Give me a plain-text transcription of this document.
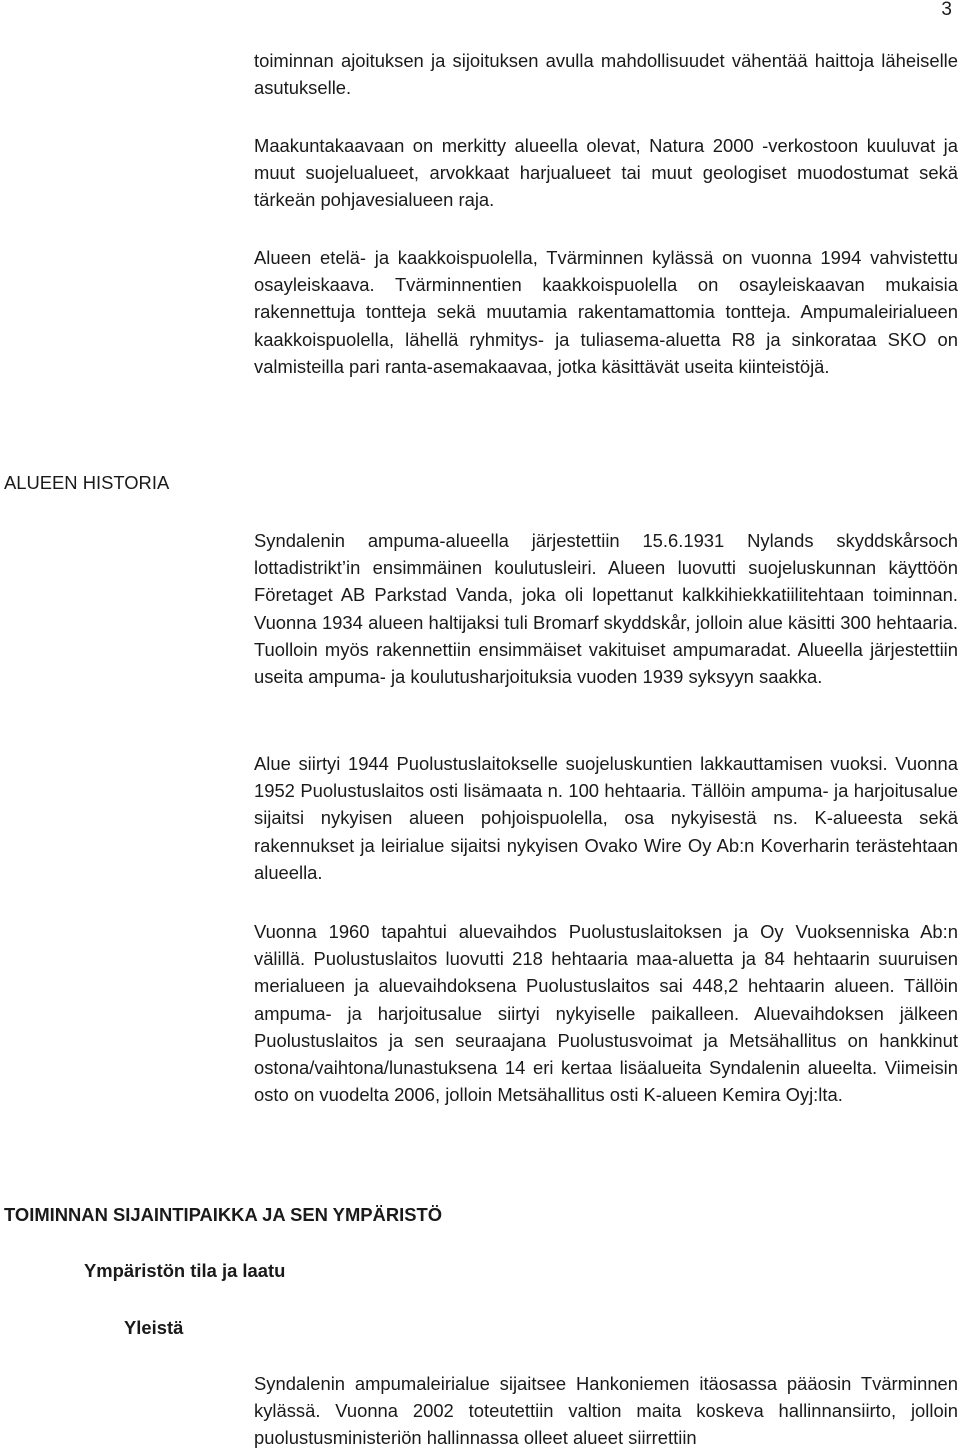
3

toiminnan ajoituksen ja sijoituksen avulla mahdollisuudet vähentää haittoja läheiselle asutukselle.

Maakuntakaavaan on merkitty alueella olevat, Natura 2000 -verkostoon kuuluvat ja muut suojelualueet, arvokkaat harjualueet tai muut geologiset muodostumat sekä tärkeän pohjavesialueen raja.

Alueen etelä- ja kaakkoispuolella, Tvärminnen kylässä on vuonna 1994 vahvistettu osayleiskaava. Tvärminnentien kaakkoispuolella on osayleiskaavan mukaisia rakennettuja tontteja sekä muutamia rakentamattomia tontteja. Ampumaleirialueen kaakkoispuolella, lähellä ryhmitys- ja tuliasema-aluetta R8 ja sinkorataa SKO on valmisteilla pari ranta-asemakaavaa, jotka käsittävät useita kiinteistöjä.

ALUEEN HISTORIA

Syndalenin ampuma-alueella järjestettiin 15.6.1931 Nylands skyddskårsoch lottadistrikt’in ensimmäinen koulutusleiri. Alueen luovutti suojeluskunnan käyttöön Företaget AB Parkstad Vanda, joka oli lopettanut kalkkihiekkatiilitehtaan toiminnan. Vuonna 1934 alueen haltijaksi tuli Bromarf skyddskår, jolloin alue käsitti 300 hehtaaria. Tuolloin myös rakennettiin ensimmäiset vakituiset ampumaradat. Alueella järjestettiin useita ampuma- ja koulutusharjoituksia vuoden 1939 syksyyn saakka.

Alue siirtyi 1944 Puolustuslaitokselle suojeluskuntien lakkauttamisen vuoksi. Vuonna 1952 Puolustuslaitos osti lisämaata n. 100 hehtaaria. Tällöin ampuma- ja harjoitusalue sijaitsi nykyisen alueen pohjoispuolella, osa nykyisestä ns. K-alueesta sekä rakennukset ja leirialue sijaitsi nykyisen Ovako Wire Oy Ab:n Koverharin terästehtaan alueella.

Vuonna 1960 tapahtui aluevaihdos Puolustuslaitoksen ja Oy Vuoksenniska Ab:n välillä. Puolustuslaitos luovutti 218 hehtaaria maa-aluetta ja 84 hehtaarin suuruisen merialueen ja aluevaihdoksena Puolustuslaitos sai 448,2 hehtaarin alueen. Tällöin ampuma- ja harjoitusalue siirtyi nykyiselle paikalleen. Aluevaihdoksen jälkeen Puolustuslaitos ja sen seuraajana Puolustusvoimat ja Metsähallitus on hankkinut ostona/vaihtona/lunastuksena 14 eri kertaa lisäalueita Syndalenin alueelta. Viimeisin osto on vuodelta 2006, jolloin Metsähallitus osti K-alueen Kemira Oyj:lta.

TOIMINNAN SIJAINTIPAIKKA JA SEN YMPÄRISTÖ
Ympäristön tila ja laatu
Yleistä

Syndalenin ampumaleirialue sijaitsee Hankoniemen itäosassa pääosin Tvärminnen kylässä. Vuonna 2002 toteutettiin valtion maita koskeva hallinnansiirto, jolloin puolustusministeriön hallinnassa olleet alueet siirrettiin
